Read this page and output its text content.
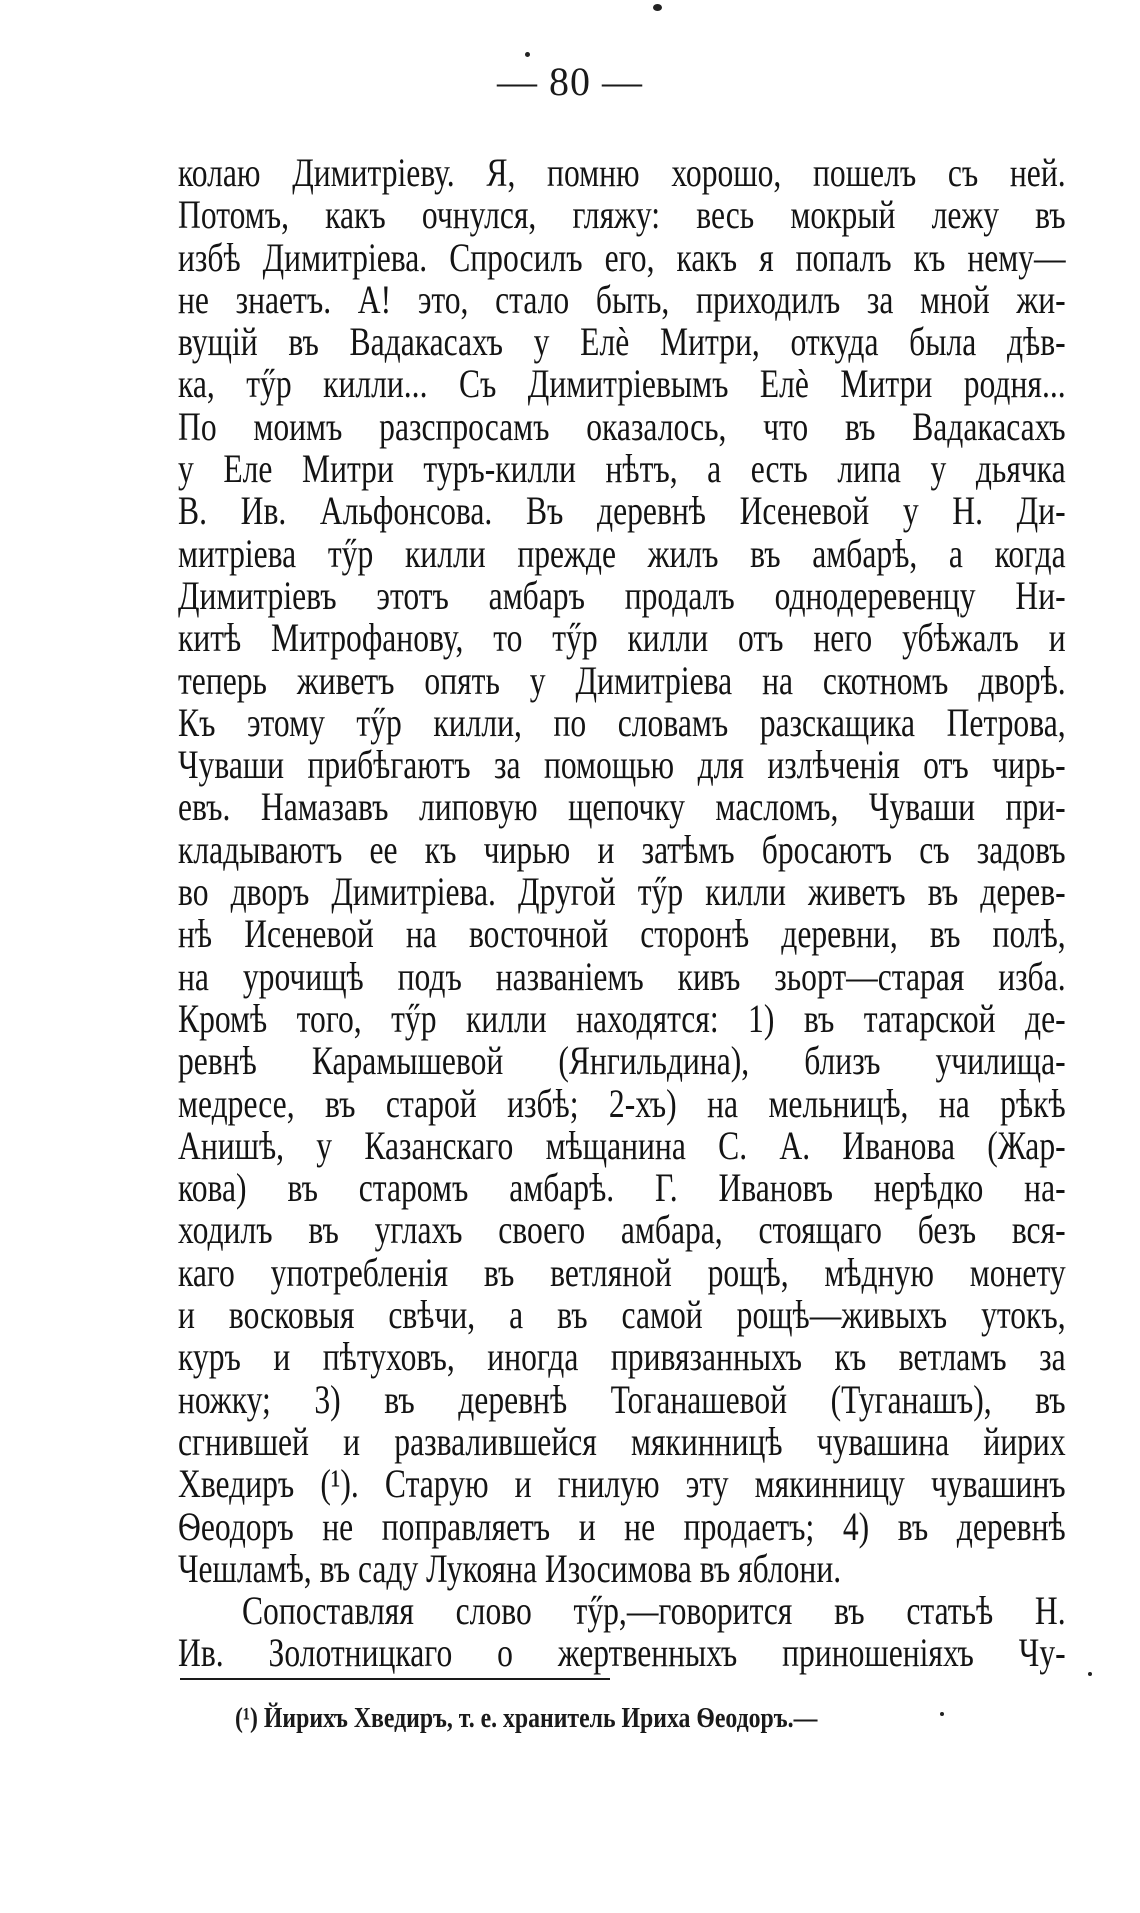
— 80 —
колаю Димитріеву. Я, помню хорошо, пошелъ съ ней.
Потомъ, какъ очнулся, гляжу: весь мокрый лежу въ
избѣ Димитріева. Спросилъ его, какъ я попалъ къ нему—
не знаетъ. А! это, стало быть, приходилъ за мной жи-
вущій въ Вадакасахъ у Елѐ Митри, откуда была дѣв-
ка, тӳр килли... Съ Димитріевымъ Елѐ Митри родня...
По моимъ разспросамъ оказалось, что въ Вадакасахъ
у Еле Митри туръ-килли нѣтъ, а есть липа у дьячка
В. Ив. Альфонсова. Въ деревнѣ Исеневой у Н. Ди-
митріева тӳр килли прежде жилъ въ амбарѣ, а когда
Димитріевъ этотъ амбаръ продалъ однодеревенцу Ни-
китѣ Митрофанову, то тӳр килли отъ него убѣжалъ и
теперь живетъ опять у Димитріева на скотномъ дворѣ.
Къ этому тӳр килли, по словамъ разскащика Петрова,
Чуваши прибѣгаютъ за помощью для излѣченія отъ чирь-
евъ. Намазавъ липовую щепочку масломъ, Чуваши при-
кладываютъ ее къ чирью и затѣмъ бросаютъ съ задовъ
во дворъ Димитріева. Другой тӳр килли живетъ въ дерев-
нѣ Исеневой на восточной сторонѣ деревни, въ полѣ,
на урочищѣ подъ названіемъ кивъ зьорт—старая изба.
Кромѣ того, тӳр килли находятся: 1) въ татарской де-
ревнѣ Карамышевой (Янгильдина), близъ училища-
медресе, въ старой избѣ; 2-хъ) на мельницѣ, на рѣкѣ
Анишѣ, у Казанскаго мѣщанина С. А. Иванова (Жар-
кова) въ старомъ амбарѣ. Г. Ивановъ нерѣдко на-
ходилъ въ углахъ своего амбара, стоящаго безъ вся-
каго употребленія въ ветляной рощѣ, мѣдную монету
и восковыя свѣчи, а въ самой рощѣ—живыхъ утокъ,
куръ и пѣтуховъ, иногда привязанныхъ къ ветламъ за
ножку; 3) въ деревнѣ Тоганашевой (Туганашъ), въ
сгнившей и развалившейся мякинницѣ чувашина йирих
Хведиръ (¹). Старую и гнилую эту мякинницу чувашинъ
Ѳеодоръ не поправляетъ и не продаетъ; 4) въ деревнѣ
Чешламѣ, въ саду Лукояна Изосимова въ яблони.
Сопоставляя слово тӳр,—говорится въ статьѣ Н.
Ив. Золотницкаго о жертвенныхъ приношеніяхъ Чу-
(¹) Йирихъ Хведиръ, т. е. хранитель Ириха Ѳеодоръ.—
